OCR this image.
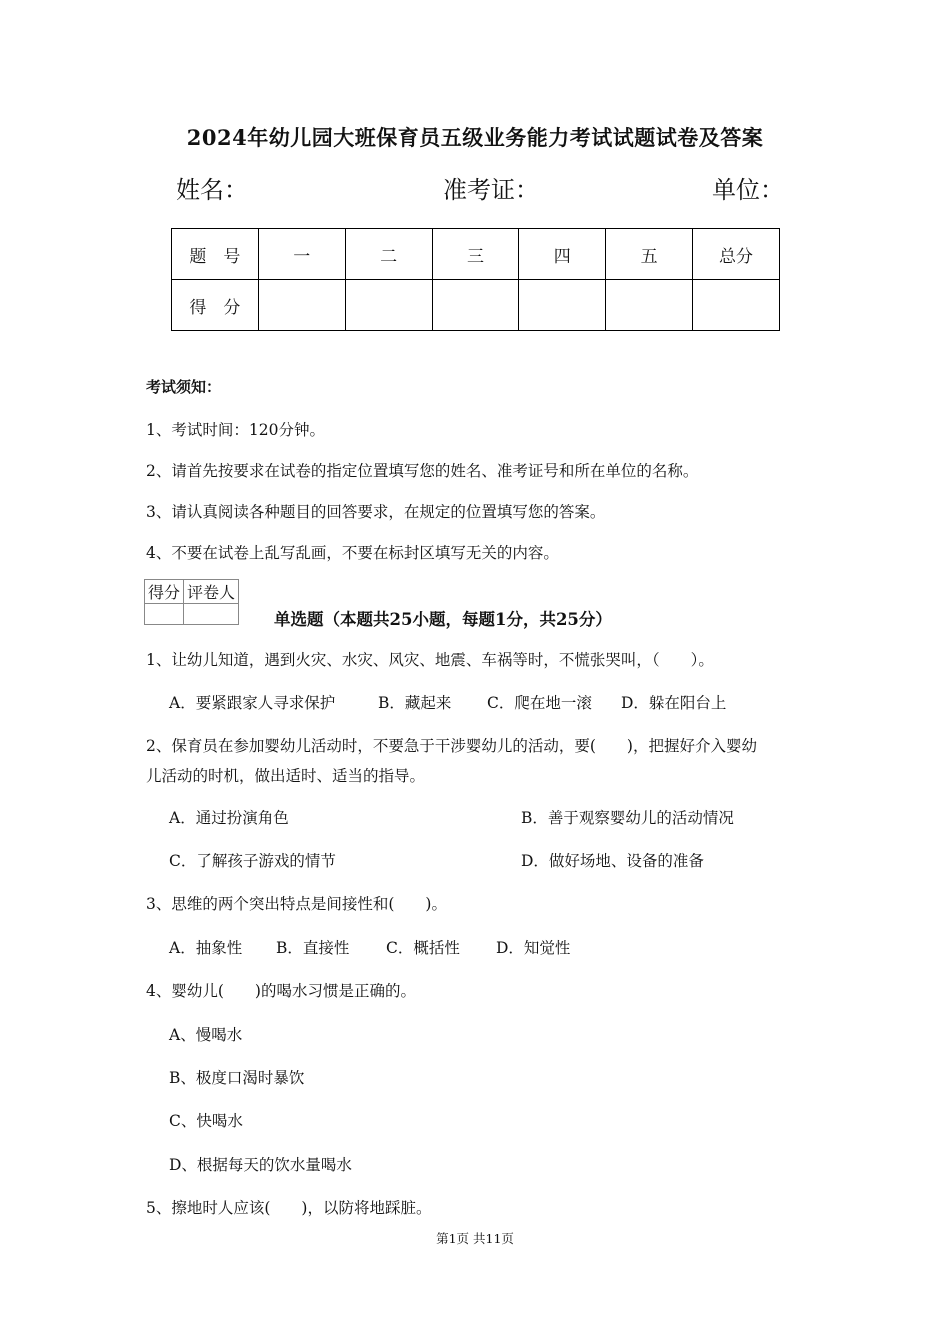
2024年幼儿园大班保育员五级业务能力考试试题试卷及答案
姓名：	准考证：	单位：
题　号	一	二	三	四	五	总分
得　分						
考试须知：
1、考试时间：120分钟。
2、请首先按要求在试卷的指定位置填写您的姓名、准考证号和所在单位的名称。
3、请认真阅读各种题目的回答要求，在规定的位置填写您的答案。
4、不要在试卷上乱写乱画，不要在标封区填写无关的内容。
得分	评卷人

单选题（本题共25小题，每题1分，共25分）
1、让幼儿知道，遇到火灾、水灾、风灾、地震、车祸等时，不慌张哭叫，（　　）。
A．要紧跟家人寻求保护	B．藏起来 C．爬在地一滚 D．躲在阳台上
2、保育员在参加婴幼儿活动时，不要急于干涉婴幼儿的活动，要(　　)，把握好介入婴幼
儿活动的时机，做出适时、适当的指导。
A．通过扮演角色	B．善于观察婴幼儿的活动情况
C．了解孩子游戏的情节	D．做好场地、设备的准备
3、思维的两个突出特点是间接性和(　　)。
A．抽象性 B．直接性 C．概括性 D．知觉性
4、婴幼儿(　　)的喝水习惯是正确的。
A、慢喝水
B、极度口渴时暴饮
C、快喝水
D、根据每天的饮水量喝水
5、擦地时人应该(　　)，以防将地踩脏。
第1页 共11页
